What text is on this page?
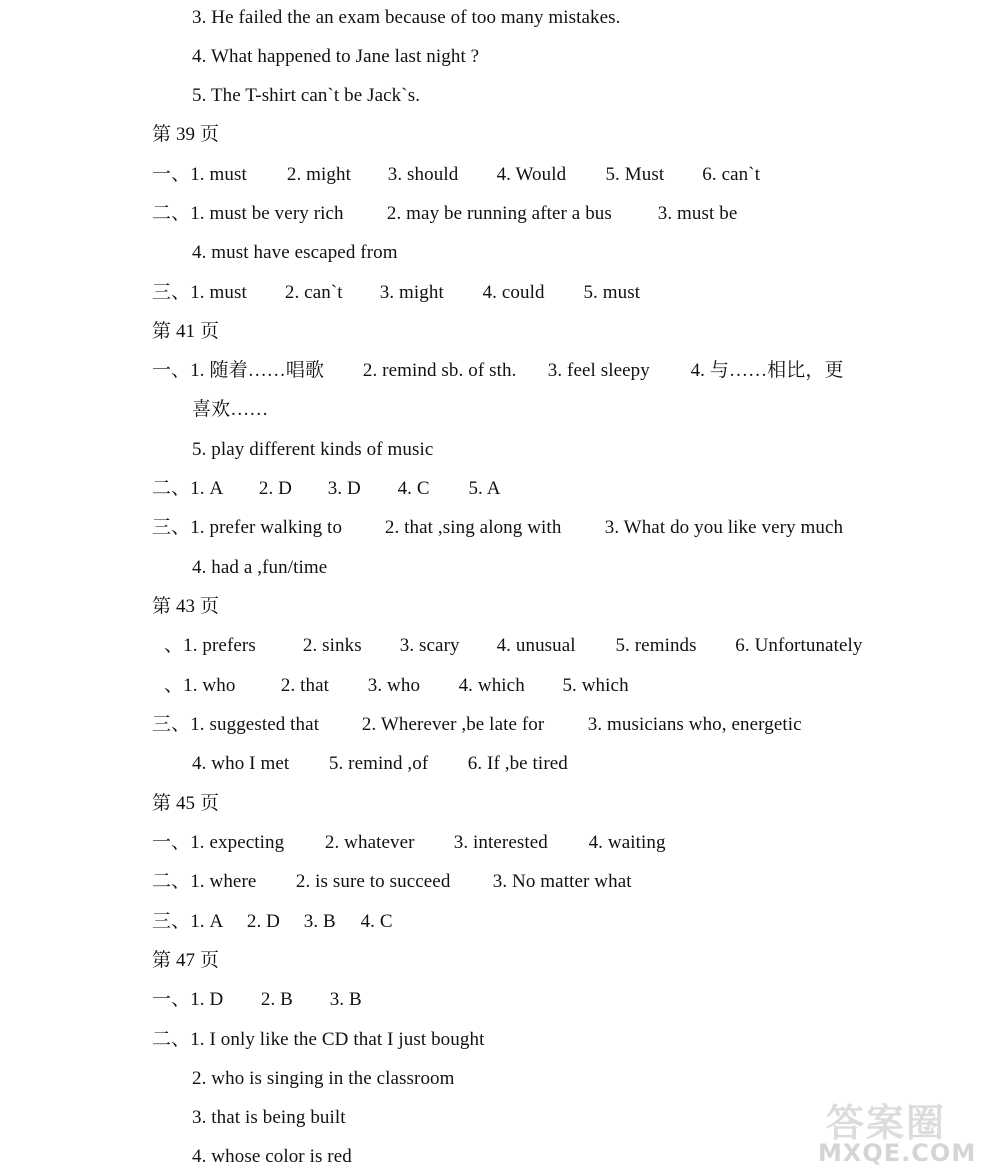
3. He failed the an exam because of too many mistakes.
4. What happened to Jane last night ?
5. The T-shirt can`t be Jack`s.
第 39 页
一、1. must 2. might 3. should 4. Would 5. Must 6. can`t
二、1. must be very rich 2. may be running after a bus 3. must be
4. must have escaped from
三、1. must 2. can`t 3. might 4. could 5. must
第 41 页
一、1. 随着……唱歌 2. remind sb. of sth. 3. feel sleepy 4. 与……相比，更
喜欢……
5. play different kinds of music
二、1. A 2. D 3. D 4. C 5. A
三、1. prefer walking to 2. that ,sing along with 3. What do you like very much
4. had a ,fun/time
第 43 页
、1. prefers 2. sinks 3. scary 4. unusual 5. reminds 6. Unfortunately
、1. who 2. that 3. who 4. which 5. which
三、1. suggested that 2. Wherever ,be late for 3. musicians who, energetic
4. who I met 5. remind ,of 6. If ,be tired
第 45 页
一、1. expecting 2. whatever 3. interested 4. waiting
二、1. where 2. is sure to succeed 3. No matter what
三、1. A 2. D 3. B 4. C
第 47 页
一、1. D 2. B 3. B
二、1. I only like the CD that I just bought
2. who is singing in the classroom
3. that is being built
4. whose color is red
答案圈
MXQE.COM
